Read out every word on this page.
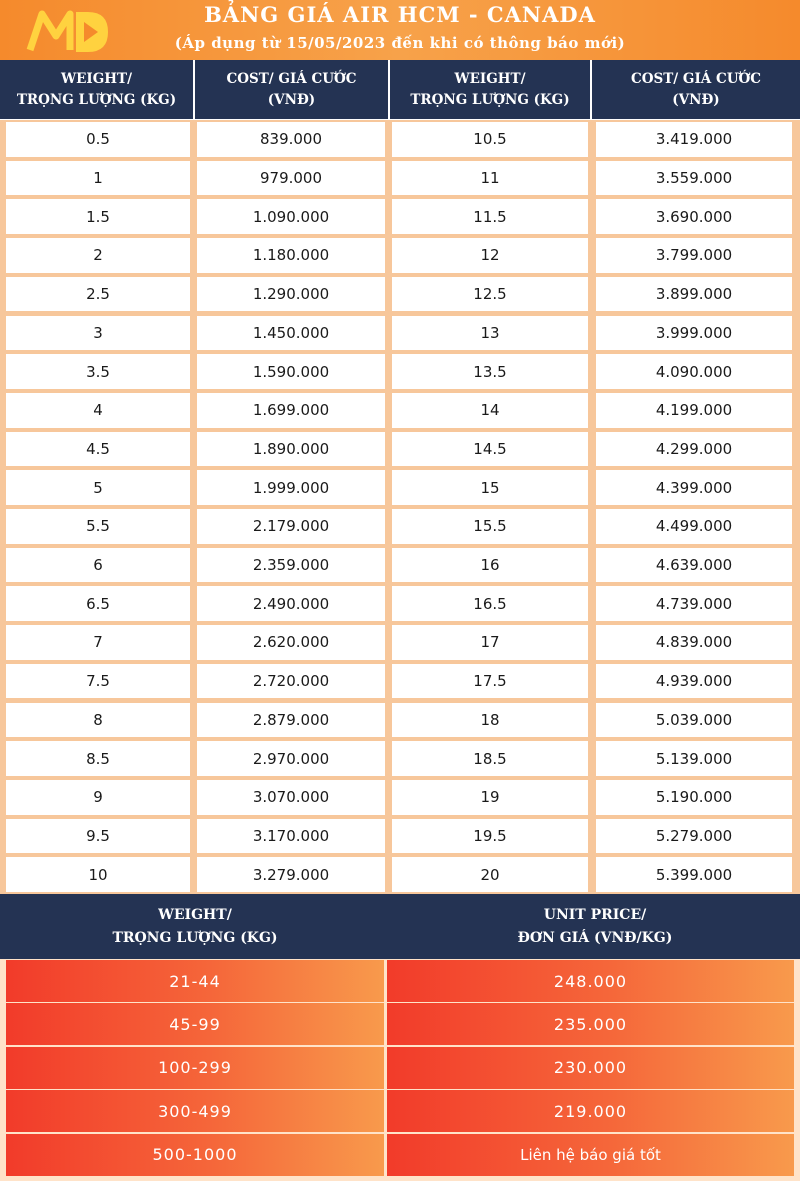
BẢNG GIÁ AIR HCM - CANADA
(Áp dụng từ 15/05/2023 đến khi có thông báo mới)
WEIGHT/
TRỌNG LƯỢNG (KG)
COST/ GIÁ CƯỚC
(VNĐ)
WEIGHT/
TRỌNG LƯỢNG (KG)
COST/ GIÁ CƯỚC
(VNĐ)
0.5	839.000	10.5	3.419.000
1	979.000	11	3.559.000
1.5	1.090.000	11.5	3.690.000
2	1.180.000	12	3.799.000
2.5	1.290.000	12.5	3.899.000
3	1.450.000	13	3.999.000
3.5	1.590.000	13.5	4.090.000
4	1.699.000	14	4.199.000
4.5	1.890.000	14.5	4.299.000
5	1.999.000	15	4.399.000
5.5	2.179.000	15.5	4.499.000
6	2.359.000	16	4.639.000
6.5	2.490.000	16.5	4.739.000
7	2.620.000	17	4.839.000
7.5	2.720.000	17.5	4.939.000
8	2.879.000	18	5.039.000
8.5	2.970.000	18.5	5.139.000
9	3.070.000	19	5.190.000
9.5	3.170.000	19.5	5.279.000
10	3.279.000	20	5.399.000
WEIGHT/
TRỌNG LƯỢNG (KG)
UNIT PRICE/
ĐƠN GIÁ (VNĐ/KG)
21-44	248.000
45-99	235.000
100-299	230.000
300-499	219.000
500-1000	Liên hệ báo giá tốt
